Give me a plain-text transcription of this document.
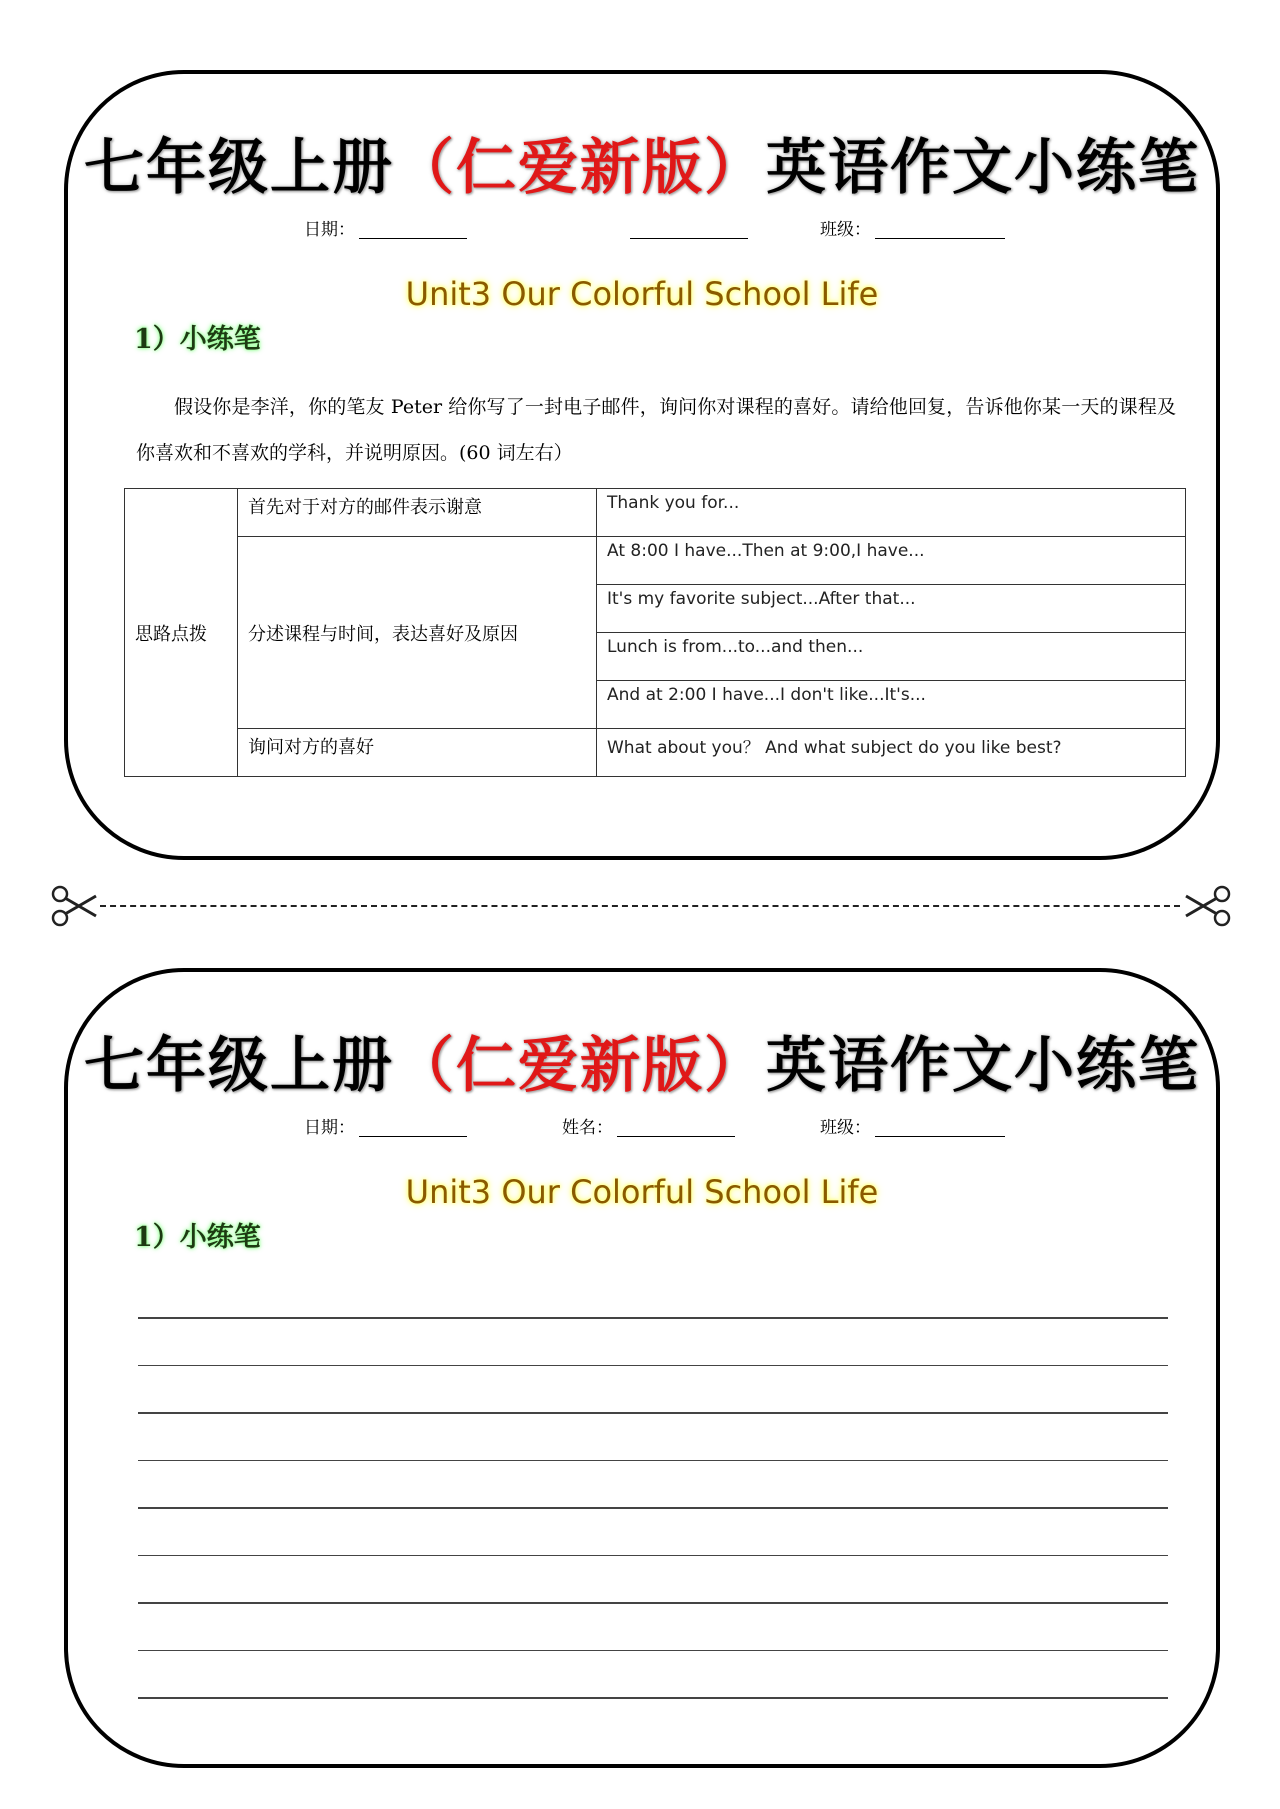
七年级上册（仁爱新版）英语作文小练笔
日期：	班级：
Unit3 Our Colorful School Life
1）小练笔
假设你是李洋，你的笔友 Peter 给你写了一封电子邮件，询问你对课程的喜好。请给他回复，告诉他你某一天的课程及你喜欢和不喜欢的学科，并说明原因。(60 词左右）
思路点拨	首先对于对方的邮件表示谢意	Thank you for...
	分述课程与时间，表达喜好及原因	At 8:00 I have...Then at 9:00,I have...
		It's my favorite subject...After that...
		Lunch is from...to...and then...
		And at 2:00 I have...I don't like...It's...
	询问对方的喜好	What about you？ And what subject do you like best?
七年级上册（仁爱新版）英语作文小练笔
日期：	姓名：	班级：
Unit3 Our Colorful School Life
1）小练笔
